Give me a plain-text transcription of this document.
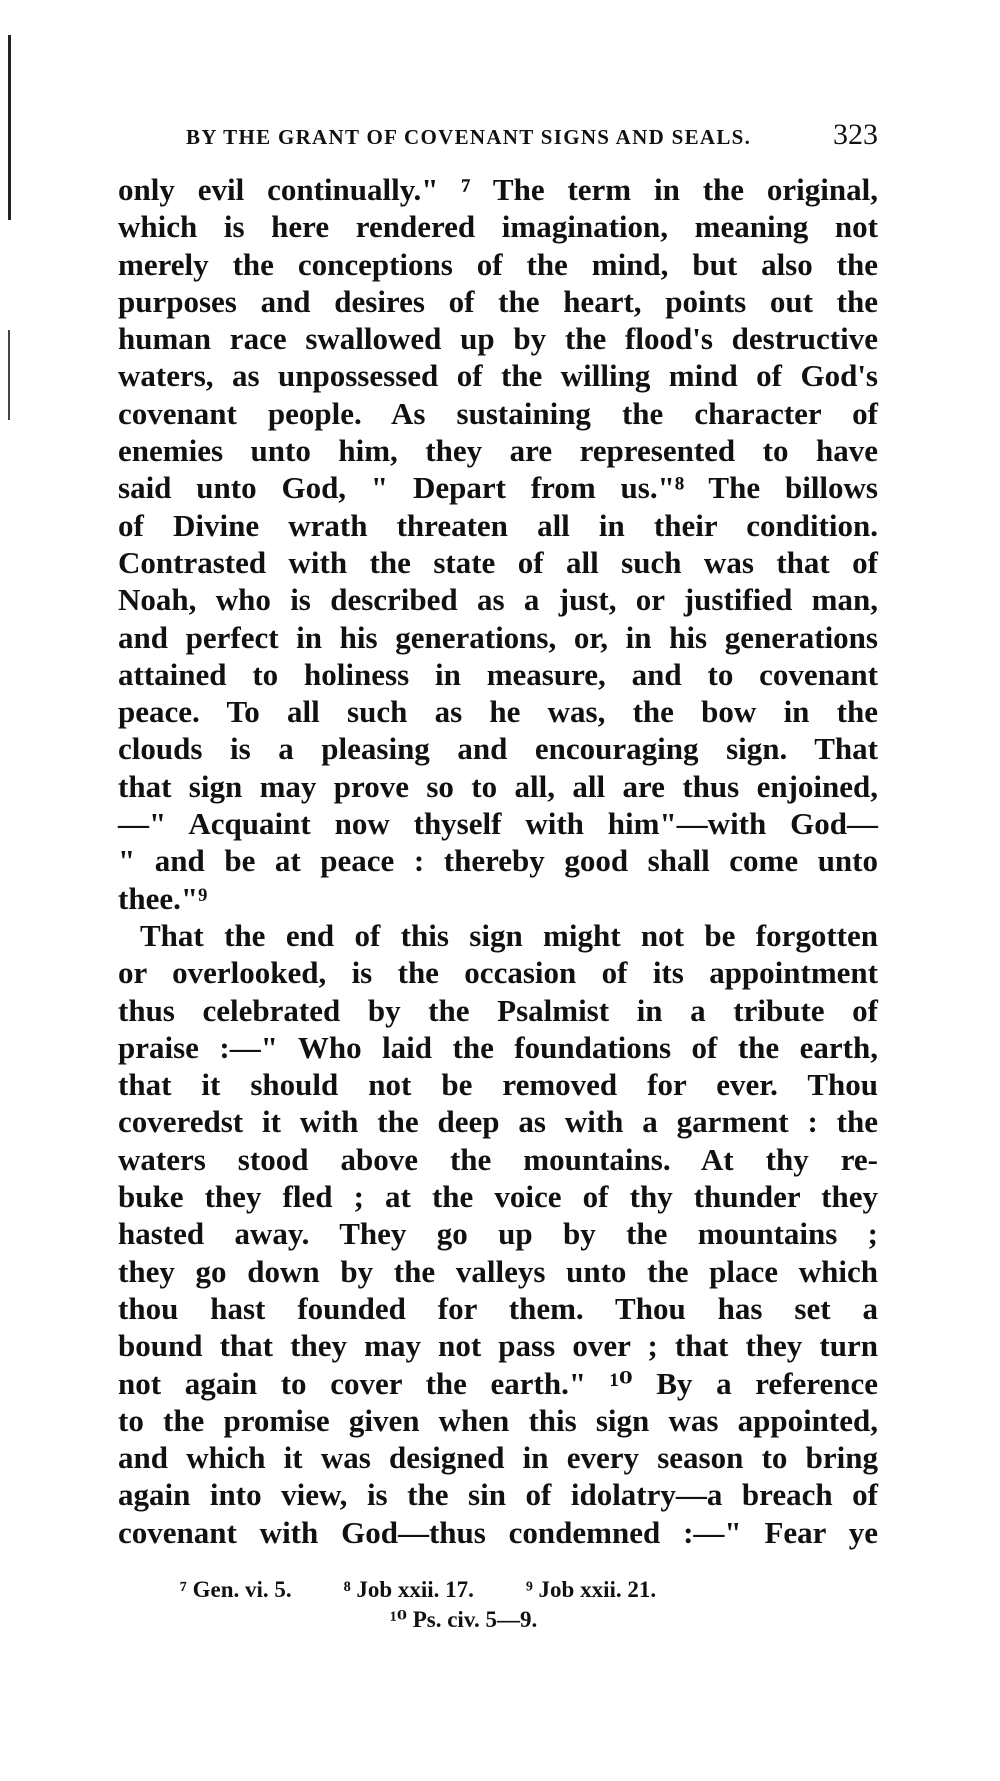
BY THE GRANT OF COVENANT SIGNS AND SEALS.	323
only evil continually." ⁷ The term in the original,
which is here rendered imagination, meaning not
merely the conceptions of the mind, but also the
purposes and desires of the heart, points out the
human race swallowed up by the flood's destructive
waters, as unpossessed of the willing mind of God's
covenant people. As sustaining the character of
enemies unto him, they are represented to have
said unto God, " Depart from us."⁸ The billows
of Divine wrath threaten all in their condition.
Contrasted with the state of all such was that of
Noah, who is described as a just, or justified man,
and perfect in his generations, or, in his generations
attained to holiness in measure, and to covenant
peace. To all such as he was, the bow in the
clouds is a pleasing and encouraging sign. That
that sign may prove so to all, all are thus enjoined,
—" Acquaint now thyself with him"—with God—
" and be at peace : thereby good shall come unto
thee."⁹
That the end of this sign might not be forgotten
or overlooked, is the occasion of its appointment
thus celebrated by the Psalmist in a tribute of
praise :—" Who laid the foundations of the earth,
that it should not be removed for ever. Thou
coveredst it with the deep as with a garment : the
waters stood above the mountains. At thy re-
buke they fled ; at the voice of thy thunder they
hasted away. They go up by the mountains ;
they go down by the valleys unto the place which
thou hast founded for them. Thou has set a
bound that they may not pass over ; that they turn
not again to cover the earth." ¹⁰ By a reference
to the promise given when this sign was appointed,
and which it was designed in every season to bring
again into view, is the sin of idolatry—a breach of
covenant with God—thus condemned :—" Fear ye
⁷ Gen. vi. 5. ⁸ Job xxii. 17. ⁹ Job xxii. 21.
¹⁰ Ps. civ. 5—9.
